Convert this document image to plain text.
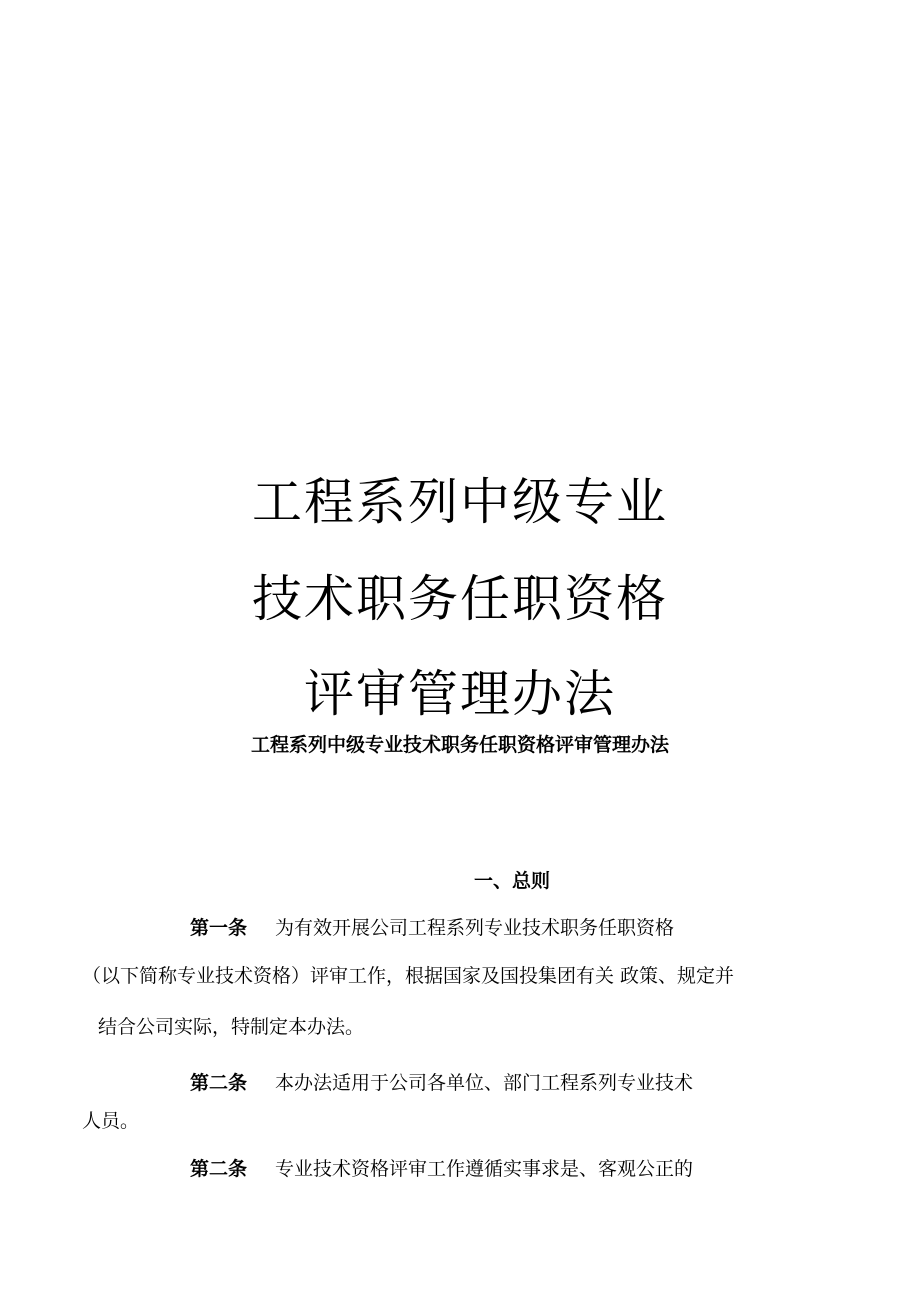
工程系列中级专业
技术职务任职资格
评审管理办法
工程系列中级专业技术职务任职资格评审管理办法
一、总则
第一条 为有效开展公司工程系列专业技术职务任职资格
（以下简称专业技术资格）评审工作，根据国家及国投集团有关 政策、规定并
结合公司实际，特制定本办法。
第二条 本办法适用于公司各单位、部门工程系列专业技术
人员。
第二条 专业技术资格评审工作遵循实事求是、客观公正的
